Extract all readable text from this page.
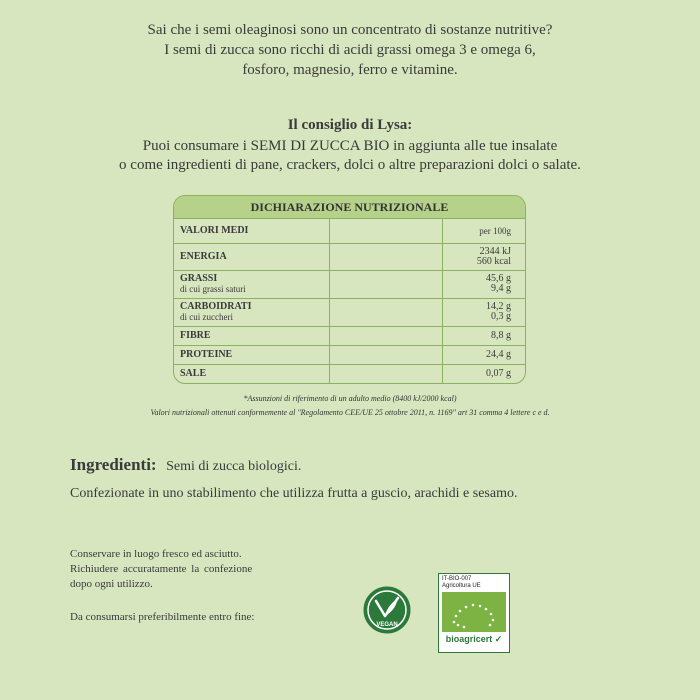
Sai che i semi oleaginosi sono un concentrato di sostanze nutritive?
I semi di zucca sono ricchi di acidi grassi omega 3 e omega 6,
fosforo, magnesio, ferro e vitamine.
Il consiglio di Lysa:
Puoi consumare i SEMI DI ZUCCA BIO in aggiunta alle tue insalate
o come ingredienti di pane, crackers, dolci o altre preparazioni dolci o salate.
DICHIARAZIONE NUTRIZIONALE
VALORI MEDI		per 100g
ENERGIA		2344 kJ
560 kcal

GRASSI
di cui grassi saturi		45,6 g
9,4 g

CARBOIDRATI
di cui zuccheri		14,2 g
0,3 g

FIBRE		8,8 g
PROTEINE		24,4 g
SALE		0,07 g
*Assunzioni di riferimento di un adulto medio (8400 kJ/2000 kcal)
Valori nutrizionali ottenuti conformemente al "Regolamento CEE/UE 25 ottobre 2011, n. 1169" art 31 comma 4 lettere c e d.
Ingredienti: Semi di zucca biologici.
Confezionate in uno stabilimento che utilizza frutta a guscio, arachidi e sesamo.
Conservare in luogo fresco ed asciutto.
Richiudere accuratamente la confezione
dopo ogni utilizzo.
Da consumarsi preferibilmente entro fine:
VEGAN
IT-BIO-007
Agricoltura UE
bioagricert ✓
